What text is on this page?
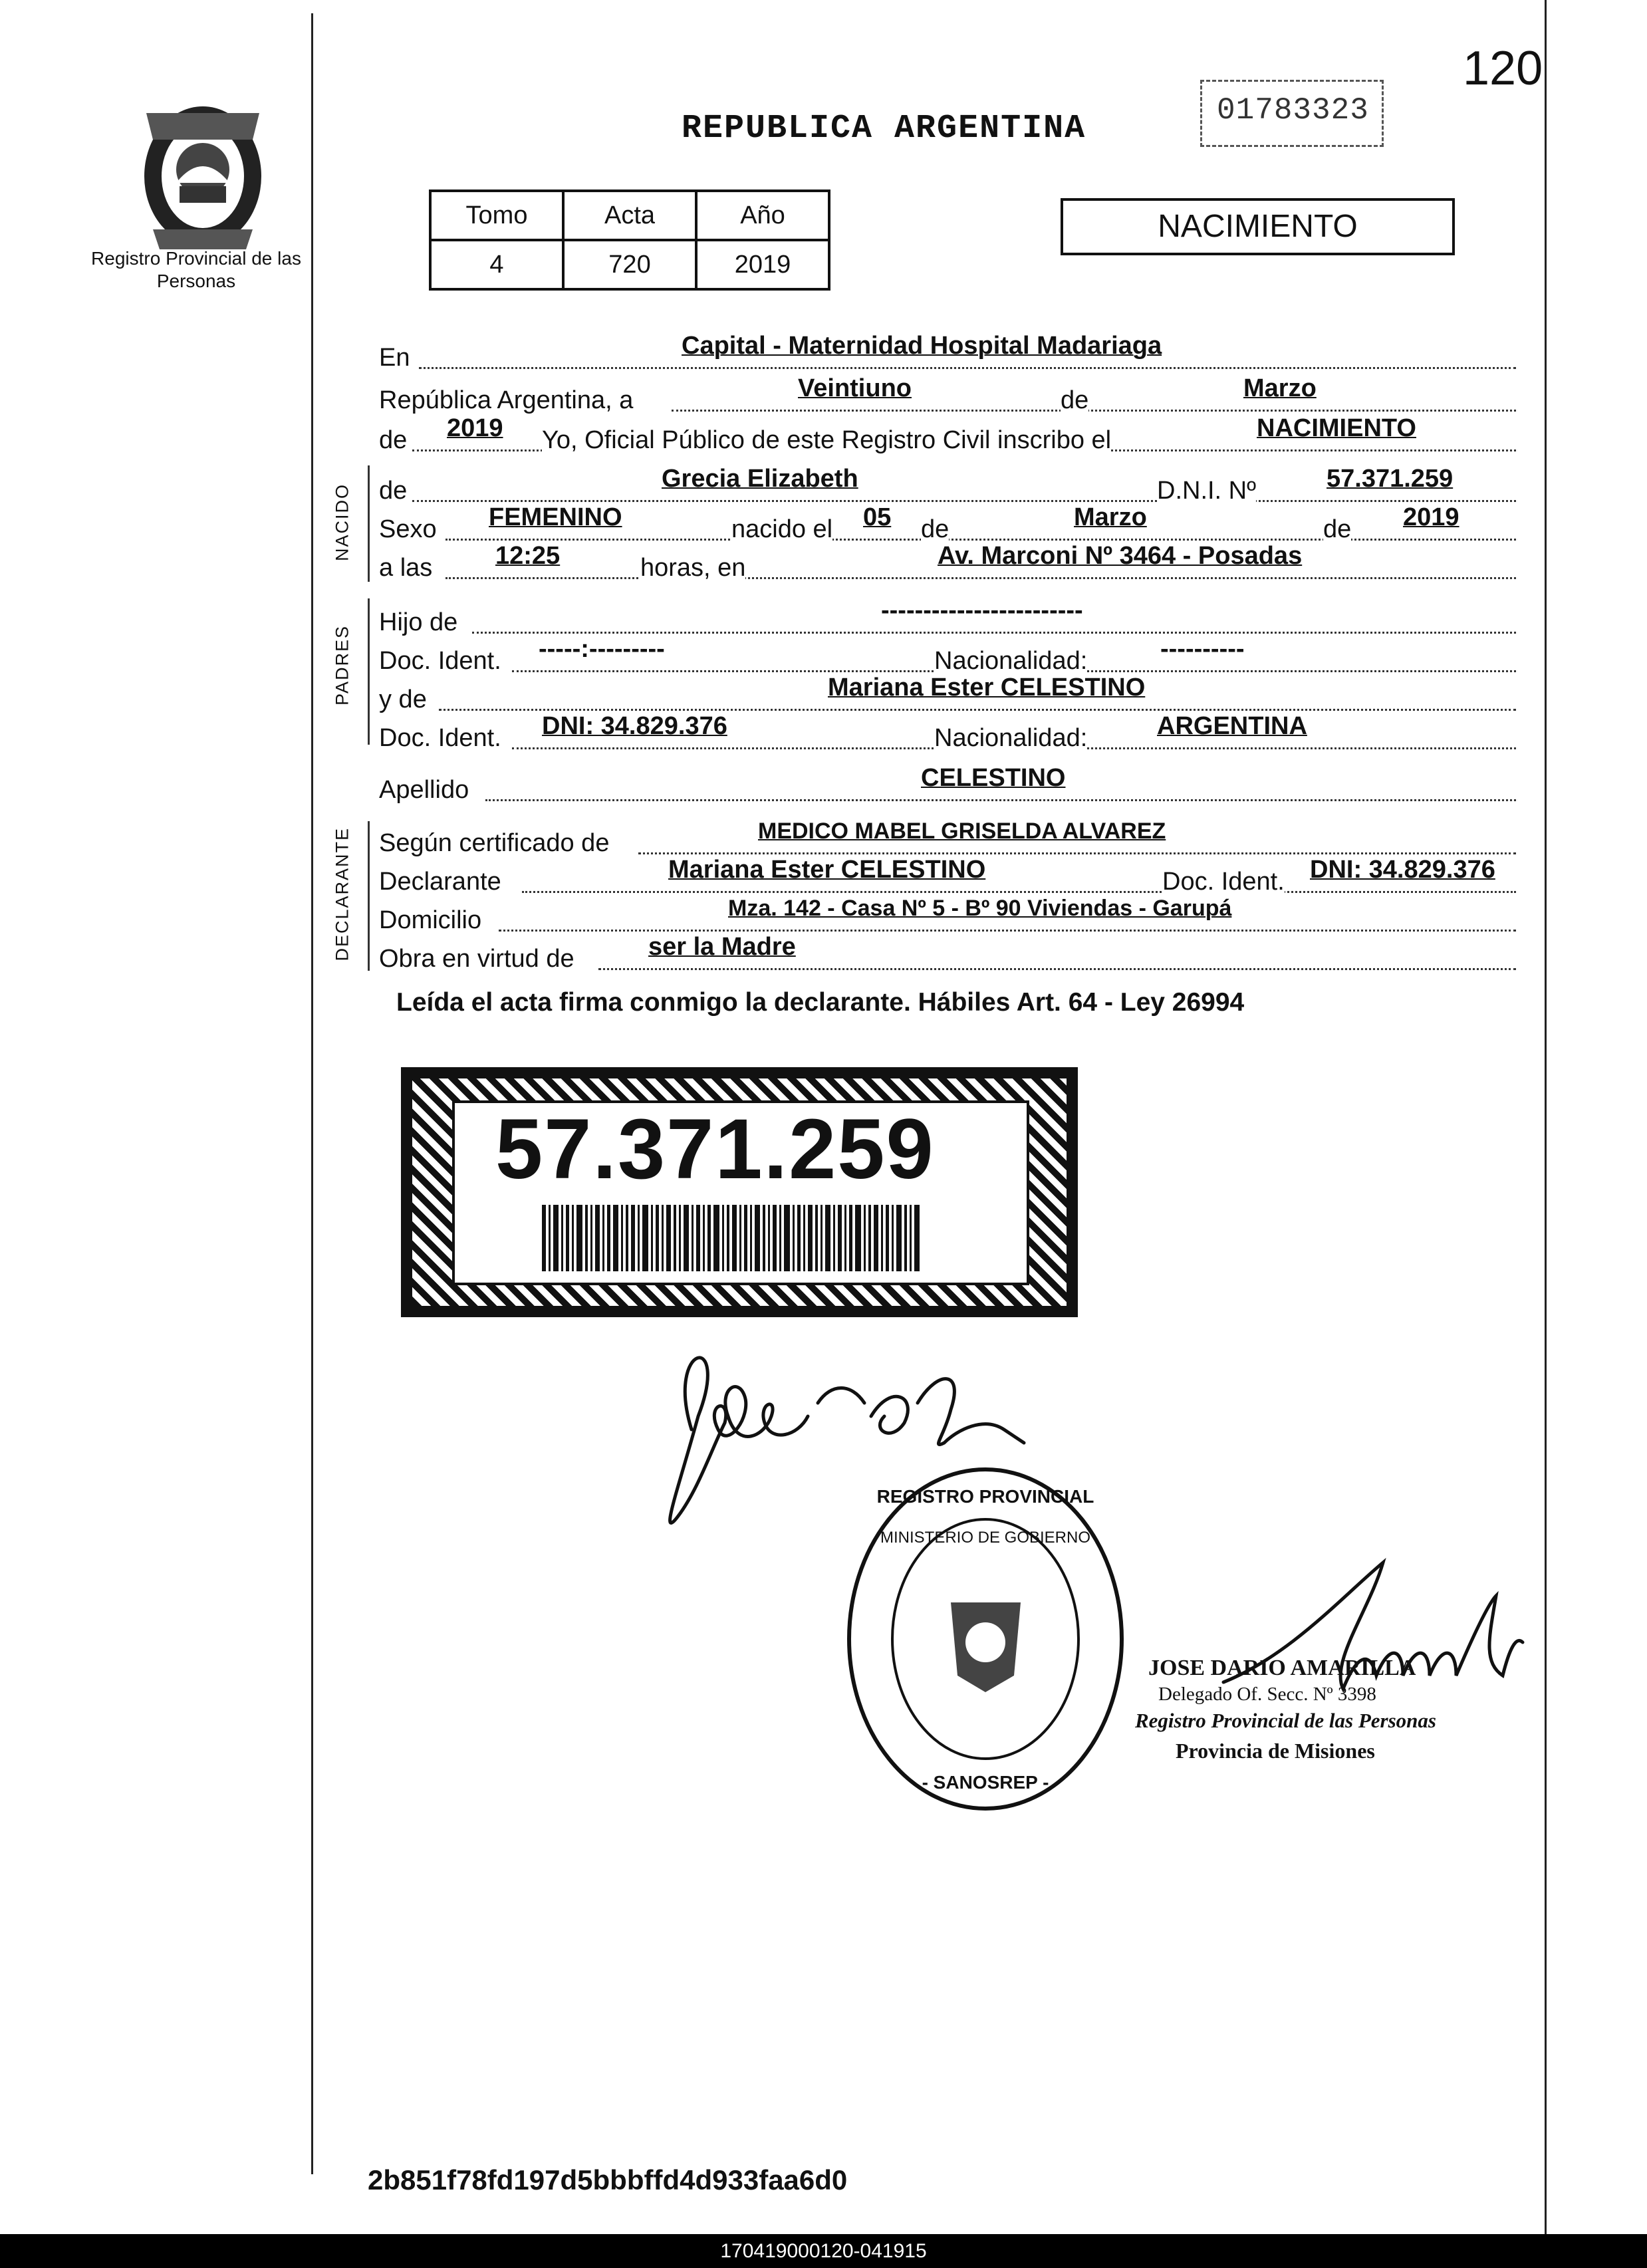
Registro Provincial de las Personas
REPUBLICA ARGENTINA	01783323
120
Tomo	Acta	Año
4	720	2019
NACIMIENTO
En	Capital - Maternidad Hospital Madariaga
República Argentina, a	Veintiuno	de	Marzo
de 2019 Yo, Oficial Público de este Registro Civil inscribo el	NACIMIENTO
NACIDO de	Grecia Elizabeth	D.N.I. Nº	57.371.259
Sexo FEMENINO	nacido el 05 de	Marzo	de 2019
a las 12:25	horas, en	Av. Marconi Nº 3464 - Posadas
PADRES
Hijo de	------------------------
Doc. Ident. -----:---------	Nacionalidad:	----------
y de	Mariana Ester CELESTINO
Doc. Ident. DNI: 34.829.376	Nacionalidad:	ARGENTINA
Apellido	CELESTINO
DECLARANTE Según certificado de	MEDICO MABEL GRISELDA ALVAREZ
Declarante	Mariana Ester CELESTINO	Doc. Ident. DNI: 34.829.376
Domicilio	Mza. 142 - Casa Nº 5 - Bº 90 Viviendas - Garupá
Obra en virtud de	ser la Madre
Leída el acta firma conmigo la declarante. Hábiles Art. 64 - Ley 26994
57.371.259
REGISTRO PROVINCIAL
- SANOSREP -
MINISTERIO DE GOBIERNO
JOSE DARIO AMARILLA
Delegado Of. Secc. Nº 3398
Registro Provincial de las Personas
Provincia de Misiones
2b851f78fd197d5bbbffd4d933faa6d0
170419000120-041915
